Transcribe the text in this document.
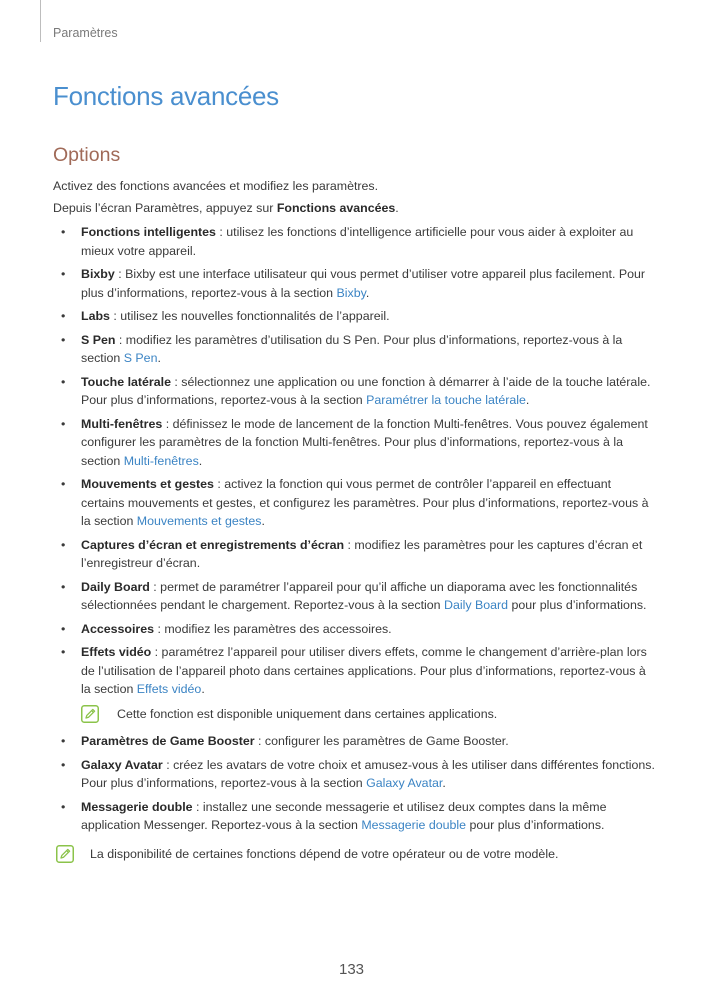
Paramètres
Fonctions avancées
Options
Activez des fonctions avancées et modifiez les paramètres.
Depuis l’écran Paramètres, appuyez sur Fonctions avancées.
• Fonctions intelligentes : utilisez les fonctions d’intelligence artificielle pour vous aider à exploiter au mieux votre appareil.
• Bixby : Bixby est une interface utilisateur qui vous permet d’utiliser votre appareil plus facilement. Pour plus d’informations, reportez-vous à la section Bixby.
• Labs : utilisez les nouvelles fonctionnalités de l’appareil.
• S Pen : modifiez les paramètres d’utilisation du S Pen. Pour plus d’informations, reportez-vous à la section S Pen.
• Touche latérale : sélectionnez une application ou une fonction à démarrer à l’aide de la touche latérale. Pour plus d’informations, reportez-vous à la section Paramétrer la touche latérale.
• Multi-fenêtres : définissez le mode de lancement de la fonction Multi-fenêtres. Vous pouvez également configurer les paramètres de la fonction Multi-fenêtres. Pour plus d’informations, reportez-vous à la section Multi-fenêtres.
• Mouvements et gestes : activez la fonction qui vous permet de contrôler l’appareil en effectuant certains mouvements et gestes, et configurez les paramètres. Pour plus d’informations, reportez-vous à la section Mouvements et gestes.
• Captures d’écran et enregistrements d’écran : modifiez les paramètres pour les captures d’écran et l’enregistreur d’écran.
• Daily Board : permet de paramétrer l’appareil pour qu’il affiche un diaporama avec les fonctionnalités sélectionnées pendant le chargement. Reportez-vous à la section Daily Board pour plus d’informations.
• Accessoires : modifiez les paramètres des accessoires.
• Effets vidéo : paramétrez l’appareil pour utiliser divers effets, comme le changement d’arrière-plan lors de l’utilisation de l’appareil photo dans certaines applications. Pour plus d’informations, reportez-vous à la section Effets vidéo.
Cette fonction est disponible uniquement dans certaines applications.
• Paramètres de Game Booster : configurer les paramètres de Game Booster.
• Galaxy Avatar : créez les avatars de votre choix et amusez-vous à les utiliser dans différentes fonctions. Pour plus d’informations, reportez-vous à la section Galaxy Avatar.
• Messagerie double : installez une seconde messagerie et utilisez deux comptes dans la même application Messenger. Reportez-vous à la section Messagerie double pour plus d’informations.
La disponibilité de certaines fonctions dépend de votre opérateur ou de votre modèle.
133
